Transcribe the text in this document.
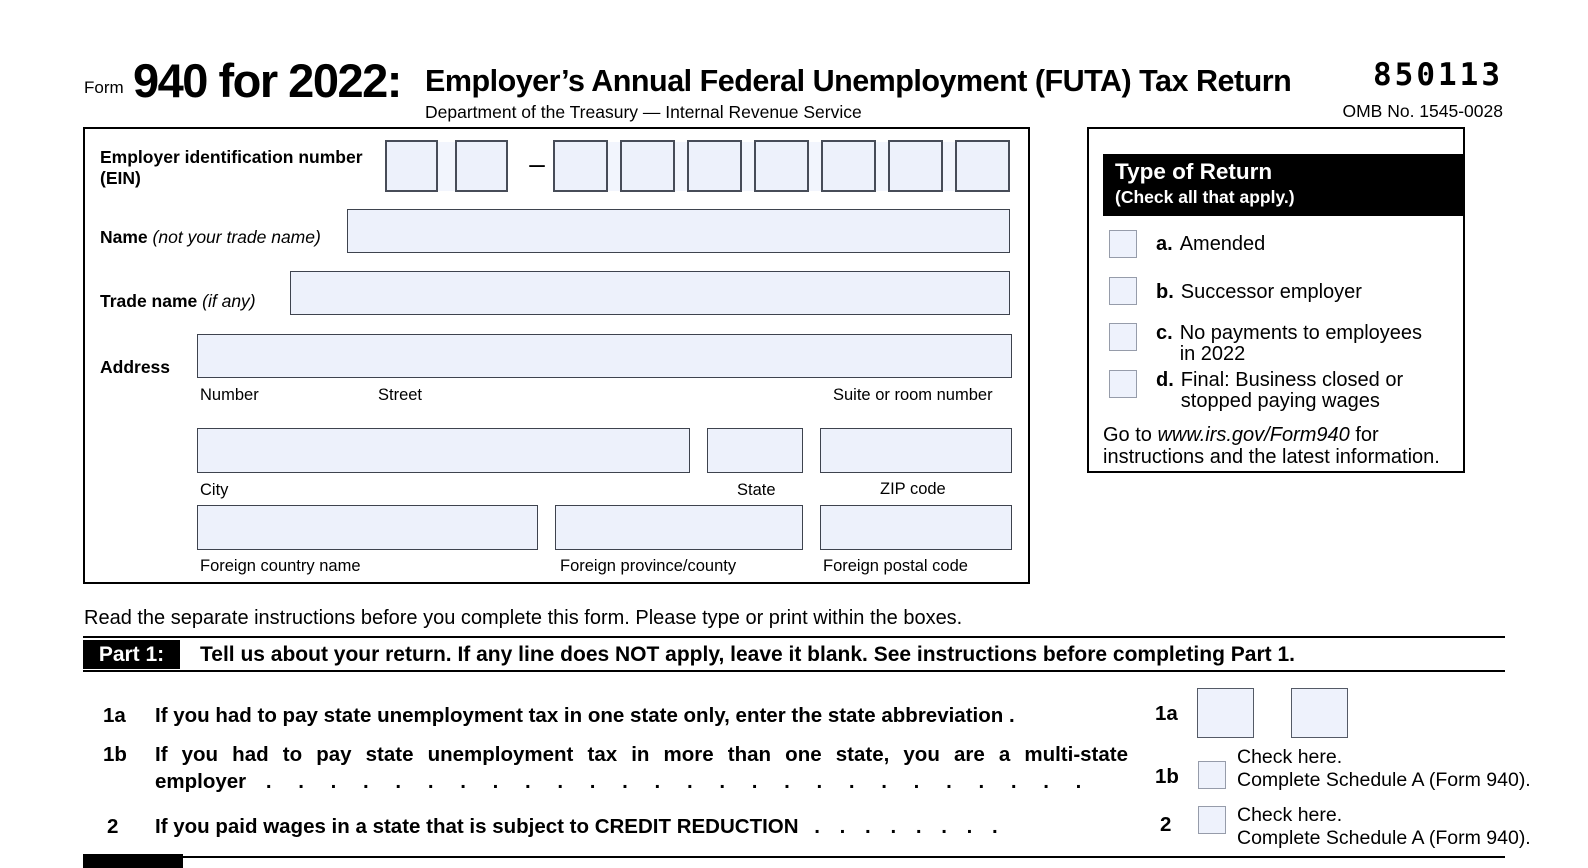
Form 940 for 2022: Employer’s Annual Federal Unemployment (FUTA) Tax Return
Department of the Treasury — Internal Revenue Service
850113
OMB No. 1545-0028
Employer identification number
(EIN)	–
Name (not your trade name)
Trade name (if any)
Address
Number	Street	Suite or room number
City	State	ZIP code
Foreign country name	Foreign province/county	Foreign postal code
Type of Return
(Check all that apply.)
a. Amended
b. Successor employer
c. No payments to employees in 2022
d. Final: Business closed or stopped paying wages
Go to www.irs.gov/Form940 for instructions and the latest information.
Read the separate instructions before you complete this form. Please type or print within the boxes.
Part 1:	Tell us about your return. If any line does NOT apply, leave it blank. See instructions before completing Part 1.
1a If you had to pay state unemployment tax in one state only, enter the state abbreviation .	1a
1b If you had to pay state unemployment tax in more than one state, you are a multi-state
employer . . . . . . . . . . . . . . . . . . . . . . . . . .	1b
Check here.
Complete Schedule A (Form 940).
2 If you paid wages in a state that is subject to CREDIT REDUCTION . . . . . . . .	2	Check here.
Complete Schedule A (Form 940).
